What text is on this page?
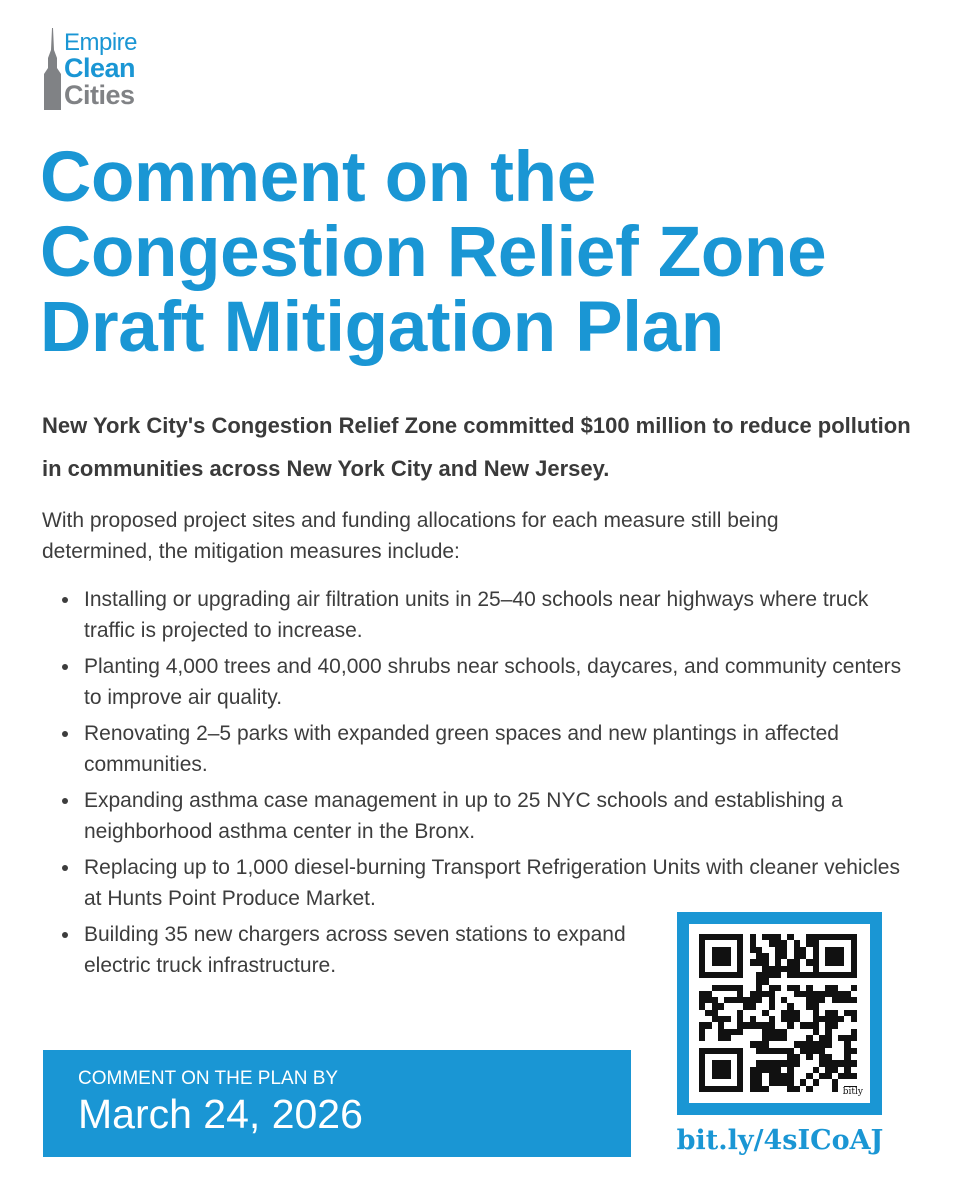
Empire
Clean
Cities
Comment on the Congestion Relief Zone Draft Mitigation Plan

New York City's Congestion Relief Zone committed $100 million to reduce pollution in communities across New York City and New Jersey.

With proposed project sites and funding allocations for each measure still being determined, the mitigation measures include:

Installing or upgrading air filtration units in 25–40 schools near highways where truck traffic is projected to increase.
Planting 4,000 trees and 40,000 shrubs near schools, daycares, and community centers to improve air quality.
Renovating 2–5 parks with expanded green spaces and new plantings in affected communities.
Expanding asthma case management in up to 25 NYC schools and establishing a neighborhood asthma center in the Bronx.
Replacing up to 1,000 diesel-burning Transport Refrigeration Units with cleaner vehicles at Hunts Point Produce Market.
Building 35 new chargers across seven stations to expand electric truck infrastructure.
COMMENT ON THE PLAN BY
March 24, 2026	bitly
bit.ly/4sICoAJ
